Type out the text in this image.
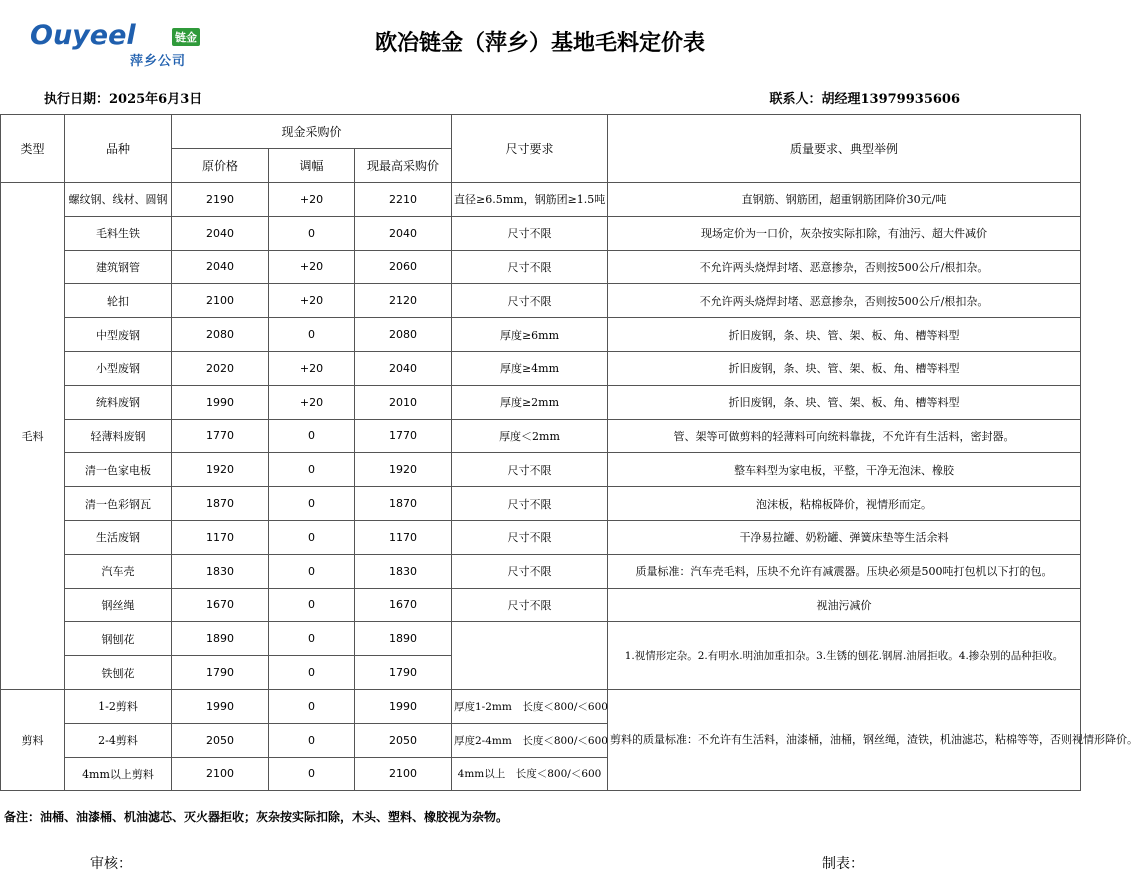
Ouyeel	链金
萍乡公司
欧冶链金（萍乡）基地毛料定价表
执行日期：2025年6月3日	联系人：胡经理13979935606
类型	品种	现金采购价			尺寸要求	质量要求、典型举例
		原价格	调幅	现最高采购价		
毛料	螺纹钢、线材、圆钢	2190	+20	2210	直径≥6.5mm，钢筋团≥1.5吨	直钢筋、钢筋团，超重钢筋团降价30元/吨
	毛料生铁	2040	0	2040	尺寸不限	现场定价为一口价，灰杂按实际扣除，有油污、超大件减价
	建筑钢管	2040	+20	2060	尺寸不限	不允许两头烧焊封堵、恶意掺杂，否则按500公斤/根扣杂。
	轮扣	2100	+20	2120	尺寸不限	不允许两头烧焊封堵、恶意掺杂，否则按500公斤/根扣杂。
	中型废钢	2080	0	2080	厚度≥6mm	折旧废钢，条、块、管、架、板、角、槽等料型
	小型废钢	2020	+20	2040	厚度≥4mm	折旧废钢，条、块、管、架、板、角、槽等料型
	统料废钢	1990	+20	2010	厚度≥2mm	折旧废钢，条、块、管、架、板、角、槽等料型
	轻薄料废钢	1770	0	1770	厚度＜2mm	管、架等可做剪料的轻薄料可向统料靠拢，不允许有生活料，密封器。
	清一色家电板	1920	0	1920	尺寸不限	整车料型为家电板，平整，干净无泡沫、橡胶
	清一色彩钢瓦	1870	0	1870	尺寸不限	泡沫板，粘棉板降价，视情形而定。
	生活废钢	1170	0	1170	尺寸不限	干净易拉罐、奶粉罐、弹簧床垫等生活余料
	汽车壳	1830	0	1830	尺寸不限	质量标准：汽车壳毛料，压块不允许有减震器。压块必须是500吨打包机以下打的包。
	钢丝绳	1670	0	1670	尺寸不限	视油污减价
	钢刨花	1890	0	1890		1.视情形定杂。2.有明水.明油加重扣杂。3.生锈的刨花.钢屑.油屑拒收。4.掺杂别的品种拒收。
	铁刨花	1790	0	1790		
剪料	1-2剪料	1990	0	1990	厚度1-2mm　长度＜800/＜600	剪料的质量标准：不允许有生活料，油漆桶，油桶，钢丝绳，渣铁，机油滤芯，粘棉等等，否则视情形降价。
	2-4剪料	2050	0	2050	厚度2-4mm　长度＜800/＜600	
	4mm以上剪料	2100	0	2100	4mm以上　长度＜800/＜600	
备注：油桶、油漆桶、机油滤芯、灭火器拒收；灰杂按实际扣除，木头、塑料、橡胶视为杂物。
审核：	制表：
